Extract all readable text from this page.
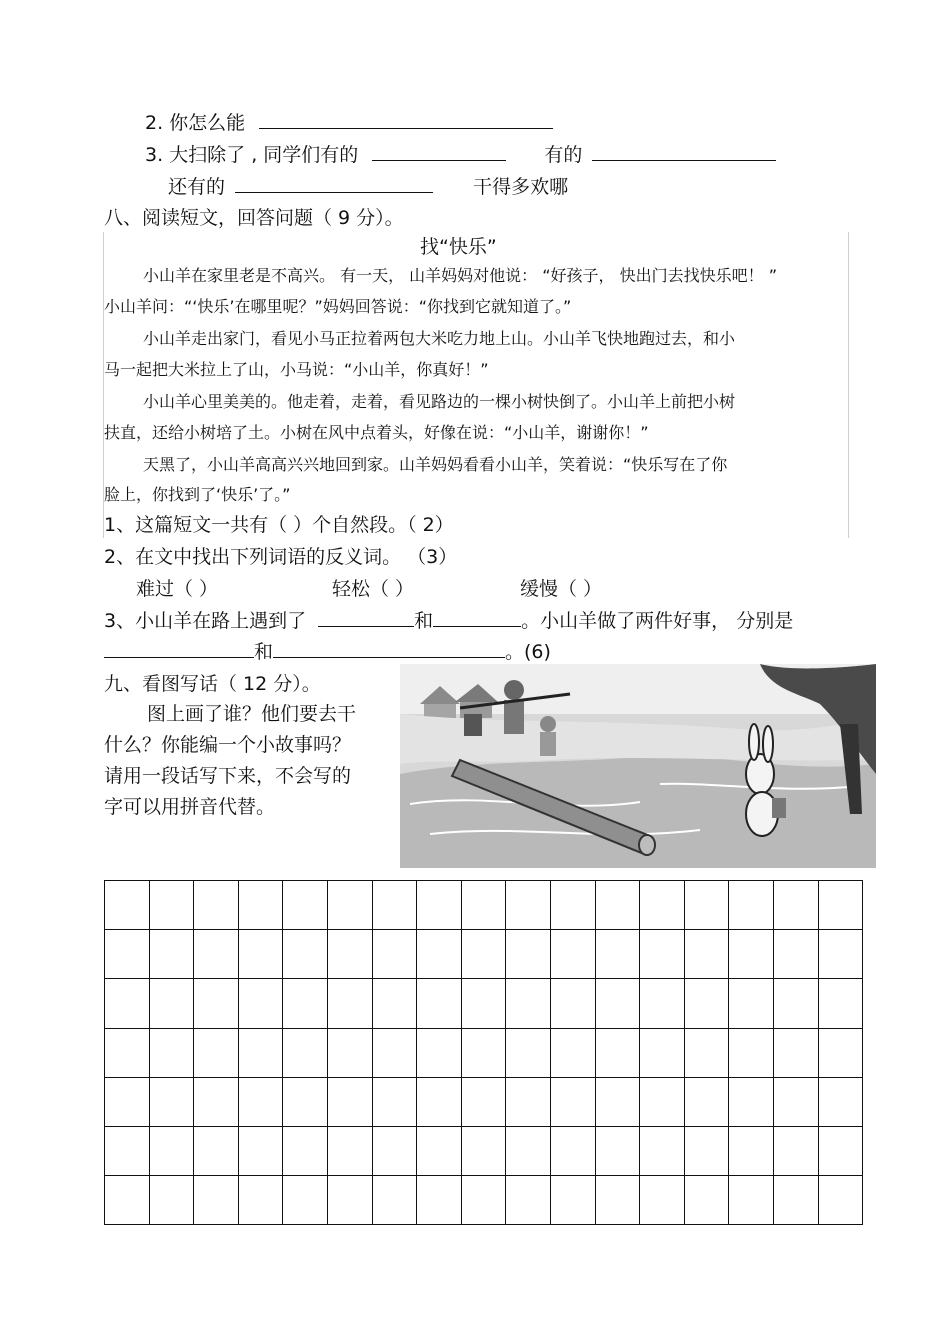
2. 你怎么能
3. 大扫除了 , 同学们有的	有的
还有的	干得多欢哪
八、阅读短文，回答问题（ 9 分）。
找“快乐”
小山羊在家里老是不高兴。 有一天， 山羊妈妈对他说： “好孩子， 快出门去找快乐吧！ ”
小山羊问：“‘快乐’在哪里呢？”妈妈回答说：“你找到它就知道了。”
小山羊走出家门，看见小马正拉着两包大米吃力地上山。小山羊飞快地跑过去，和小
马一起把大米拉上了山，小马说：“小山羊，你真好！”
小山羊心里美美的。他走着，走着，看见路边的一棵小树快倒了。小山羊上前把小树
扶直，还给小树培了土。小树在风中点着头，好像在说：“小山羊，谢谢你！”
天黑了，小山羊高高兴兴地回到家。山羊妈妈看看小山羊，笑着说：“快乐写在了你
脸上，你找到了‘快乐’了。”
1、这篇短文一共有（ ）个自然段。（ 2）
2、在文中找出下列词语的反义词。 （3）
难过（ ）	轻松（ ）	缓慢（ ）
3、小山羊在路上遇到了	和	。小山羊做了两件好事， 分别是
和	。(6)
九、看图写话（ 12 分）。
图上画了谁？他们要去干
什么？你能编一个小故事吗？
请用一段话写下来，不会写的
字可以用拼音代替。
